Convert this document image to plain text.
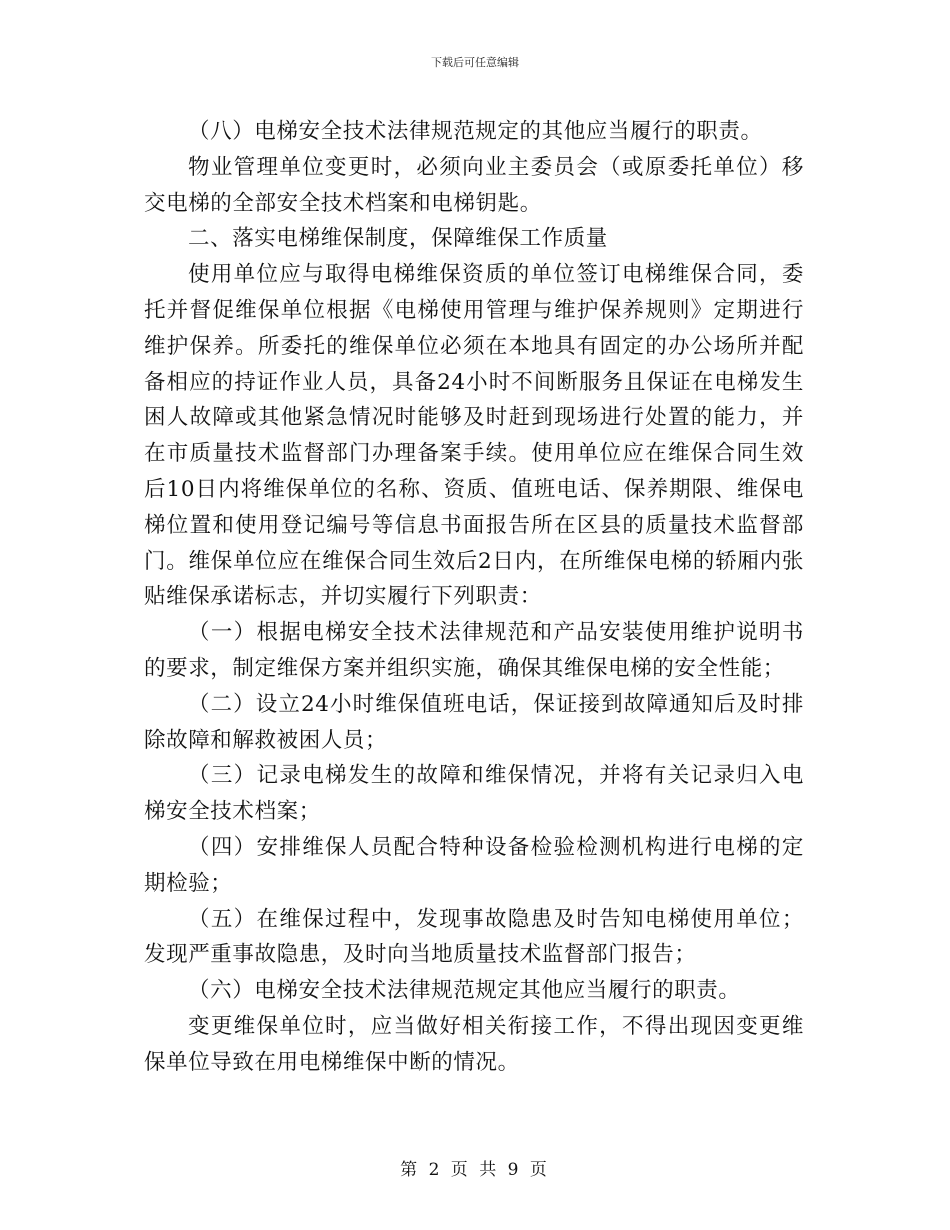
下载后可任意编辑

（八）电梯安全技术法律规范规定的其他应当履行的职责。

物业管理单位变更时，必须向业主委员会（或原委托单位）移交电梯的全部安全技术档案和电梯钥匙。

二、落实电梯维保制度，保障维保工作质量

使用单位应与取得电梯维保资质的单位签订电梯维保合同，委托并督促维保单位根据《电梯使用管理与维护保养规则》定期进行维护保养。所委托的维保单位必须在本地具有固定的办公场所并配备相应的持证作业人员，具备24小时不间断服务且保证在电梯发生困人故障或其他紧急情况时能够及时赶到现场进行处置的能力，并在市质量技术监督部门办理备案手续。使用单位应在维保合同生效后10日内将维保单位的名称、资质、值班电话、保养期限、维保电梯位置和使用登记编号等信息书面报告所在区县的质量技术监督部门。维保单位应在维保合同生效后2日内，在所维保电梯的轿厢内张贴维保承诺标志，并切实履行下列职责：

（一）根据电梯安全技术法律规范和产品安装使用维护说明书的要求，制定维保方案并组织实施，确保其维保电梯的安全性能；

（二）设立24小时维保值班电话，保证接到故障通知后及时排除故障和解救被困人员；

（三）记录电梯发生的故障和维保情况，并将有关记录归入电梯安全技术档案；

（四）安排维保人员配合特种设备检验检测机构进行电梯的定期检验；

（五）在维保过程中，发现事故隐患及时告知电梯使用单位；发现严重事故隐患，及时向当地质量技术监督部门报告；

（六）电梯安全技术法律规范规定其他应当履行的职责。

变更维保单位时，应当做好相关衔接工作，不得出现因变更维保单位导致在用电梯维保中断的情况。

第 2 页 共 9 页
